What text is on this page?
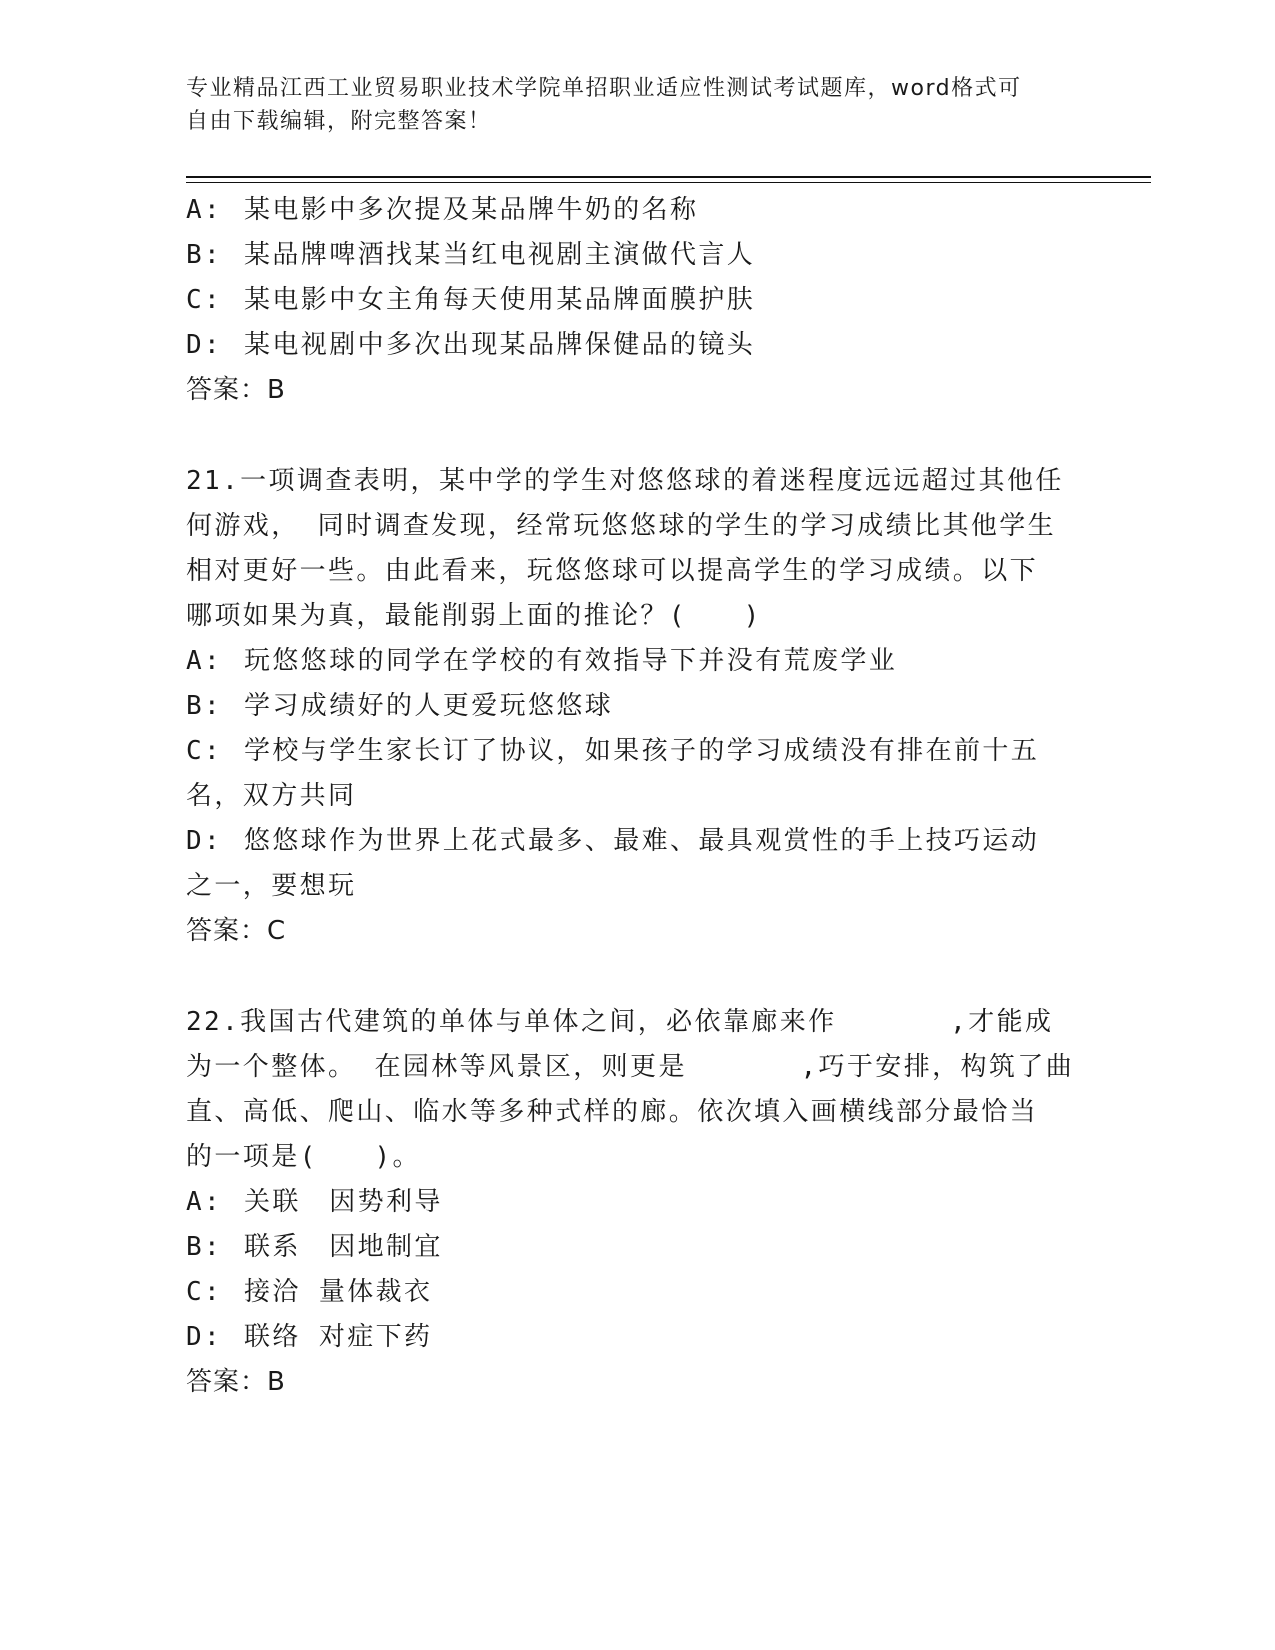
专业精品江西工业贸易职业技术学院单招职业适应性测试考试题库，word格式可
自由下载编辑，附完整答案！
A: 某电影中多次提及某品牌牛奶的名称
B: 某品牌啤酒找某当红电视剧主演做代言人
C: 某电影中女主角每天使用某品牌面膜护肤
D: 某电视剧中多次出现某品牌保健品的镜头
答案：B
21.一项调查表明，某中学的学生对悠悠球的着迷程度远远超过其他任
何游戏， 同时调查发现，经常玩悠悠球的学生的学习成绩比其他学生
相对更好一些。由此看来，玩悠悠球可以提高学生的学习成绩。以下
哪项如果为真，最能削弱上面的推论？(　　)
A: 玩悠悠球的同学在学校的有效指导下并没有荒废学业
B: 学习成绩好的人更爱玩悠悠球
C: 学校与学生家长订了协议，如果孩子的学习成绩没有排在前十五
名，双方共同
D: 悠悠球作为世界上花式最多、最难、最具观赏性的手上技巧运动
之一，要想玩
答案：C
22.我国古代建筑的单体与单体之间，必依靠廊来作　　　　,才能成
为一个整体。 在园林等风景区，则更是　　　　,巧于安排，构筑了曲
直、高低、爬山、临水等多种式样的廊。依次填入画横线部分最恰当
的一项是(　　)。
A: 关联　因势利导
B: 联系　因地制宜
C: 接洽 量体裁衣
D: 联络 对症下药
答案：B
